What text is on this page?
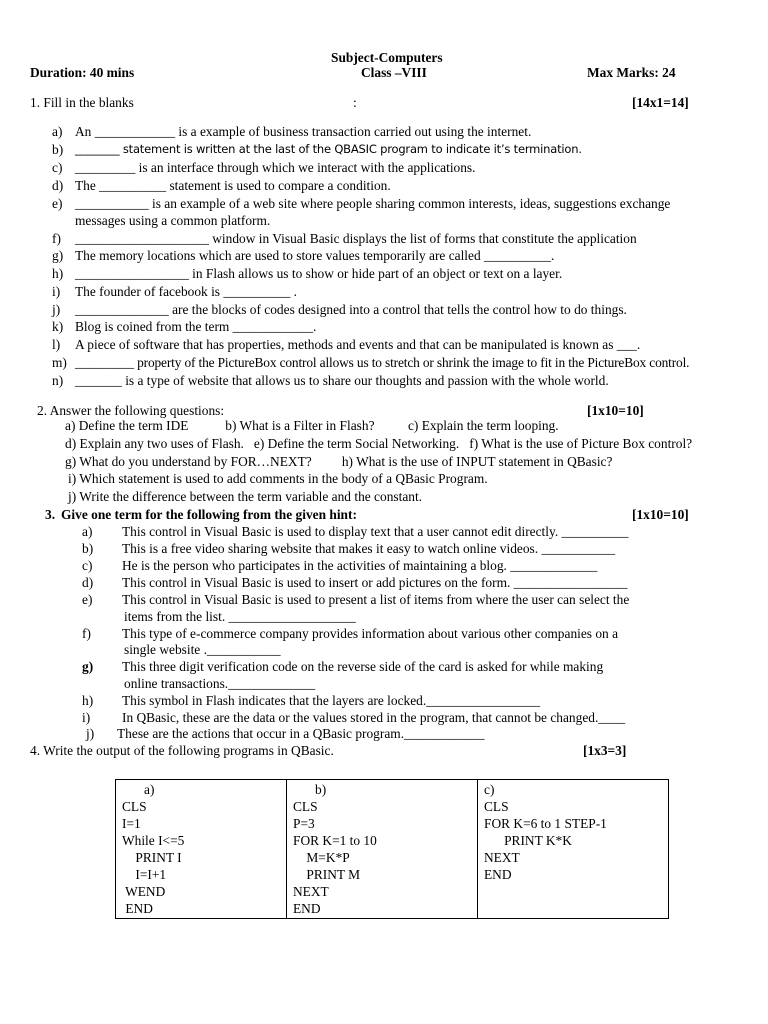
Subject-Computers
Duration: 40 mins	Class –VIII	Max Marks: 24
1. Fill in the blanks	:	[14x1=14]
a) An ____________ is a example of business transaction carried out using the internet.
b) ________ statement is written at the last of the QBASIC program to indicate it’s termination.
c) _________ is an interface through which we interact with the applications.
d) The __________ statement is used to compare a condition.
e) ___________ is an example of a web site where people sharing common interests, ideas, suggestions exchange
messages using a common platform.
f) ____________________ window in Visual Basic displays the list of forms that constitute the application
g) The memory locations which are used to store values temporarily are called __________.
h) _________________ in Flash allows us to show or hide part of an object or text on a layer.
i) The founder of facebook is __________ .
j) ______________ are the blocks of codes designed into a control that tells the control how to do things.
k) Blog is coined from the term ____________.
l) A piece of software that has properties, methods and events and that can be manipulated is known as ___.
m) _________ property of the PictureBox control allows us to stretch or shrink the image to fit in the PictureBox control.
n) _______ is a type of website that allows us to share our thoughts and passion with the whole world.
2. Answer the following questions:	[1x10=10]
a) Define the term IDE           b) What is a Filter in Flash?          c) Explain the term looping.
d) Explain any two uses of Flash.   e) Define the term Social Networking.   f) What is the use of Picture Box control?
g) What do you understand by FOR…NEXT?         h) What is the use of INPUT statement in QBasic?
i) Which statement is used to add comments in the body of a QBasic Program.
j) Write the difference between the term variable and the constant.
3. Give one term for the following from the given hint:	[1x10=10]
a) This control in Visual Basic is used to display text that a user cannot edit directly. __________
b) This is a free video sharing website that makes it easy to watch online videos. ___________
c) He is the person who participates in the activities of maintaining a blog. _____________
d) This control in Visual Basic is used to insert or add pictures on the form. _________________
e) This control in Visual Basic is used to present a list of items from where the user can select the
items from the list. ___________________
f) This type of e-commerce company provides information about various other companies on a
single website .___________
g) This three digit verification code on the reverse side of the card is asked for while making
online transactions._____________
h) This symbol in Flash indicates that the layers are locked._________________
i) In QBasic, these are the data or the values stored in the program, that cannot be changed.____
j) These are the actions that occur in a QBasic program.____________
4. Write the output of the following programs in QBasic.	[1x3=3]
a)
CLS
I=1
While I<=5
PRINT I
I=I+1
WEND
END

b)
CLS
P=3
FOR K=1 to 10
M=K*P
PRINT M
NEXT
END

c)
CLS
FOR K=6 to 1 STEP-1
PRINT K*K
NEXT
END
